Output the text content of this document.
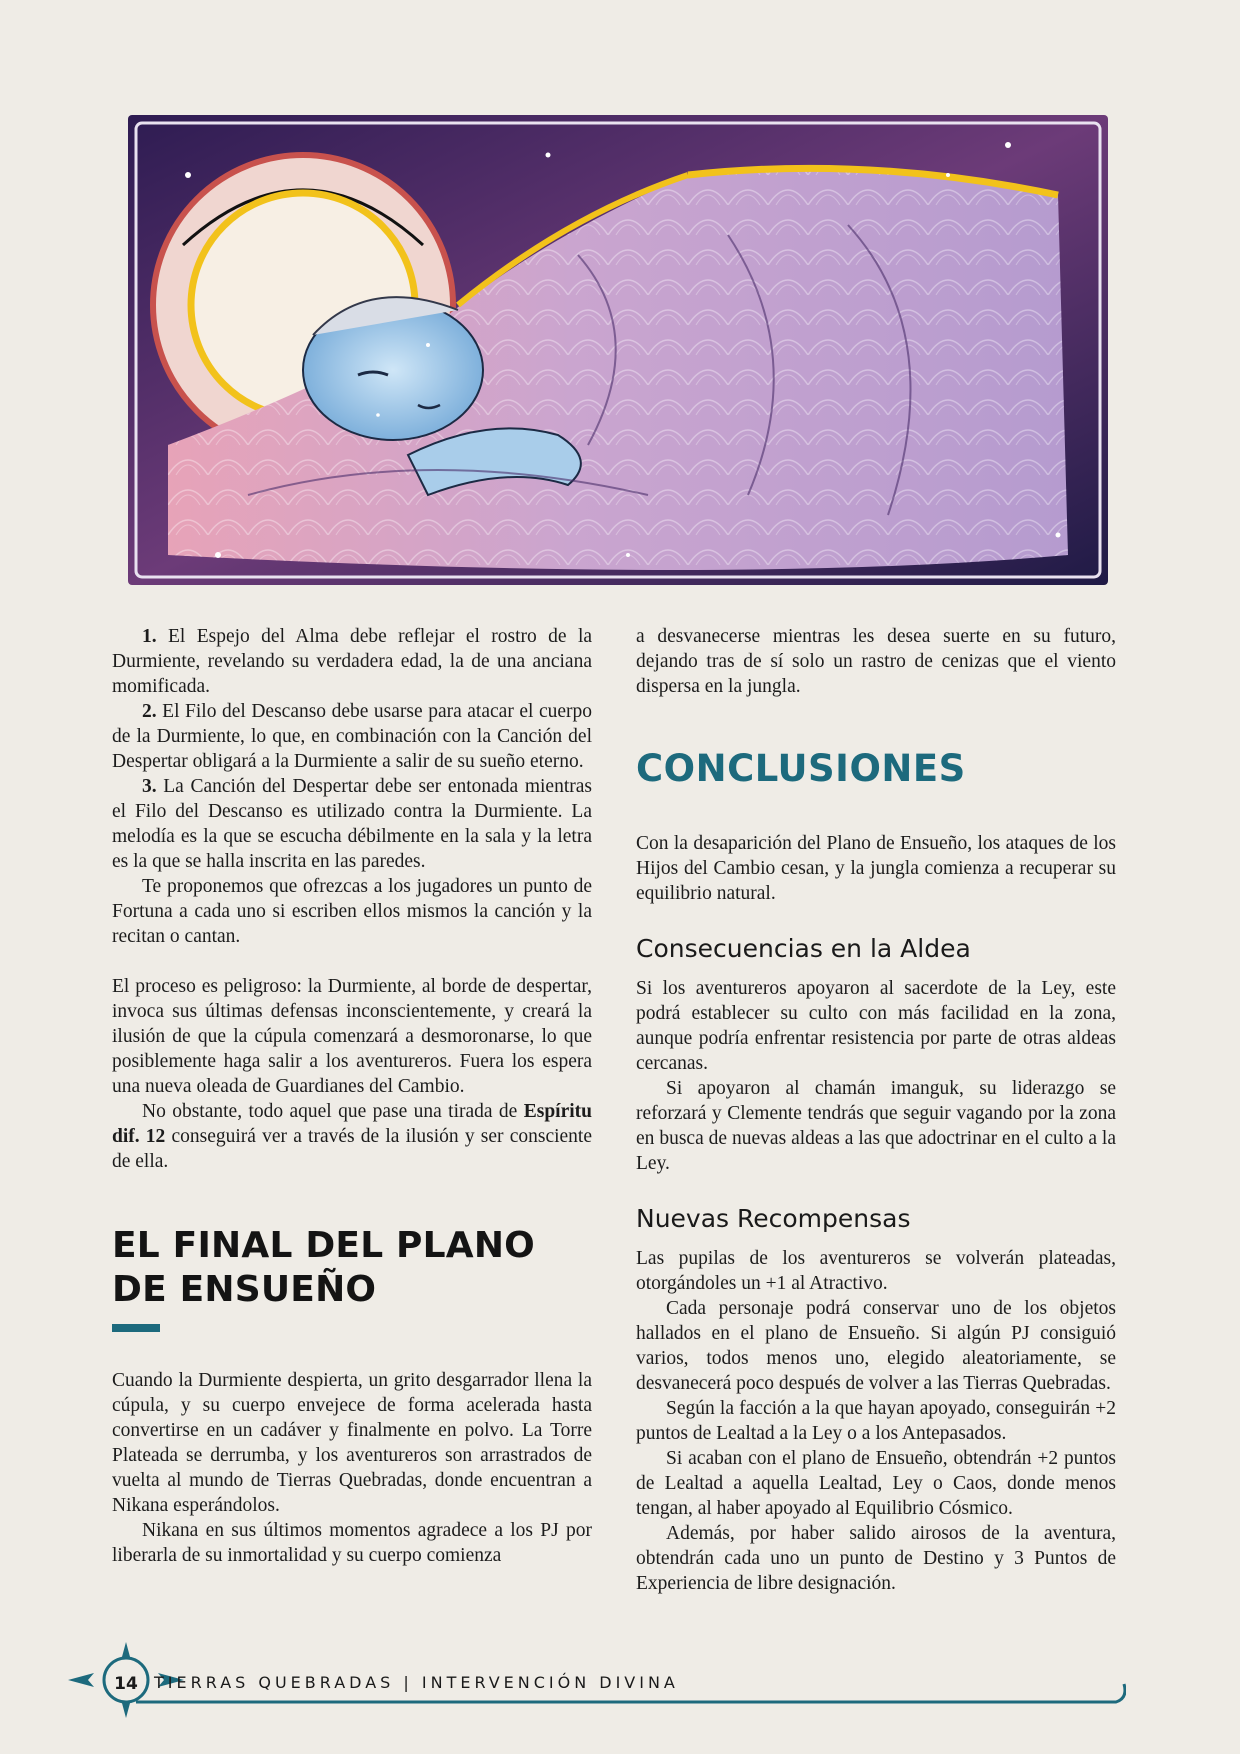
1. El Espejo del Alma debe reflejar el rostro de la Durmiente, revelando su verdadera edad, la de una anciana momificada.

2. El Filo del Descanso debe usarse para atacar el cuerpo de la Durmiente, lo que, en combinación con la Canción del Despertar obligará a la Durmiente a salir de su sueño eterno.

3. La Canción del Despertar debe ser entonada mientras el Filo del Descanso es utilizado contra la Durmiente. La melodía es la que se escucha débilmente en la sala y la letra es la que se halla inscrita en las paredes.

Te proponemos que ofrezcas a los jugadores un punto de Fortuna a cada uno si escriben ellos mismos la canción y la recitan o cantan.

El proceso es peligroso: la Durmiente, al borde de despertar, invoca sus últimas defensas inconscientemente, y creará la ilusión de que la cúpula comenzará a desmoronarse, lo que posiblemente haga salir a los aventureros. Fuera los espera una nueva oleada de Guardianes del Cambio.

No obstante, todo aquel que pase una tirada de Espíritu dif. 12 conseguirá ver a través de la ilusión y ser consciente de ella.

EL FINAL DEL PLANO
DE ENSUEÑO

Cuando la Durmiente despierta, un grito desgarrador llena la cúpula, y su cuerpo envejece de forma acelerada hasta convertirse en un cadáver y finalmente en polvo. La Torre Plateada se derrumba, y los aventureros son arrastrados de vuelta al mundo de Tierras Quebradas, donde encuentran a Nikana esperándolos.

Nikana en sus últimos momentos agradece a los PJ por liberarla de su inmortalidad y su cuerpo comienza

a desvanecerse mientras les desea suerte en su futuro, dejando tras de sí solo un rastro de cenizas que el viento dispersa en la jungla.

CONCLUSIONES

Con la desaparición del Plano de Ensueño, los ataques de los Hijos del Cambio cesan, y la jungla comienza a recuperar su equilibrio natural.

Consecuencias en la Aldea

Si los aventureros apoyaron al sacerdote de la Ley, este podrá establecer su culto con más facilidad en la zona, aunque podría enfrentar resistencia por parte de otras aldeas cercanas.

Si apoyaron al chamán imanguk, su liderazgo se reforzará y Clemente tendrás que seguir vagando por la zona en busca de nuevas aldeas a las que adoctrinar en el culto a la Ley.

Nuevas Recompensas

Las pupilas de los aventureros se volverán plateadas, otorgándoles un +1 al Atractivo.

Cada personaje podrá conservar uno de los objetos hallados en el plano de Ensueño. Si algún PJ consiguió varios, todos menos uno, elegido aleatoriamente, se desvanecerá poco después de volver a las Tierras Quebradas.

Según la facción a la que hayan apoyado, conseguirán +2 puntos de Lealtad a la Ley o a los Antepasados.

Si acaban con el plano de Ensueño, obtendrán +2 puntos de Lealtad a aquella Lealtad, Ley o Caos, donde menos tengan, al haber apoyado al Equilibrio Cósmico.

Además, por haber salido airosos de la aventura, obtendrán cada uno un punto de Destino y 3 Puntos de Experiencia de libre designación.

14	TIERRAS QUEBRADAS | INTERVENCIÓN DIVINA
